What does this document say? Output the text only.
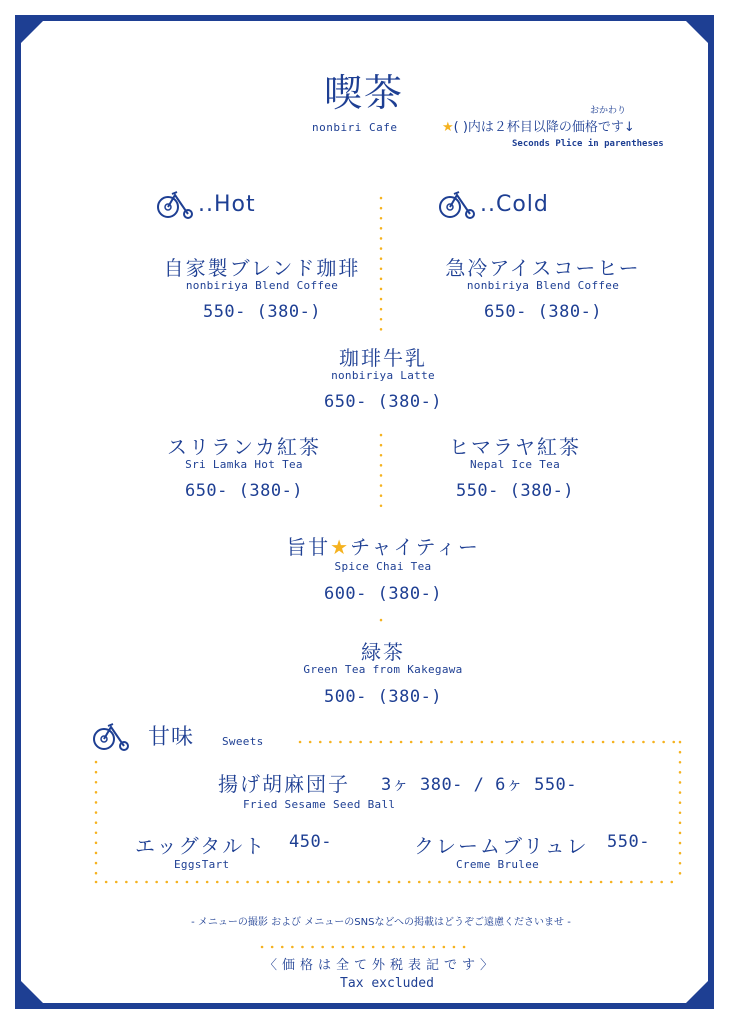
喫茶
nonbiri Cafe
おかわり
★( )内は２杯目以降の価格です↓
Seconds Plice in parentheses
..Hot	..Cold
自家製ブレンド珈琲
nonbiriya Blend Coffee
550- (380-)
急冷アイスコーヒー
nonbiriya Blend Coffee
650- (380-)
珈琲牛乳
nonbiriya Latte
650- (380-)
スリランカ紅茶
Sri Lamka Hot Tea
650- (380-)
ヒマラヤ紅茶
Nepal Ice Tea
550- (380-)
旨甘★チャイティー
Spice Chai Tea
600- (380-)
緑茶
Green Tea from Kakegawa
500- (380-)
甘味	Sweets
揚げ胡麻団子 3ヶ 380- / 6ヶ 550-
Fried Sesame Seed Ball
エッグタルト 450-
EggsTart
クレームブリュレ 550-
Creme Brulee
- メニューの撮影 および メニューのSNSなどへの掲載はどうぞご遠慮くださいませ -
〈価格は全て外税表記です〉
Tax excluded
